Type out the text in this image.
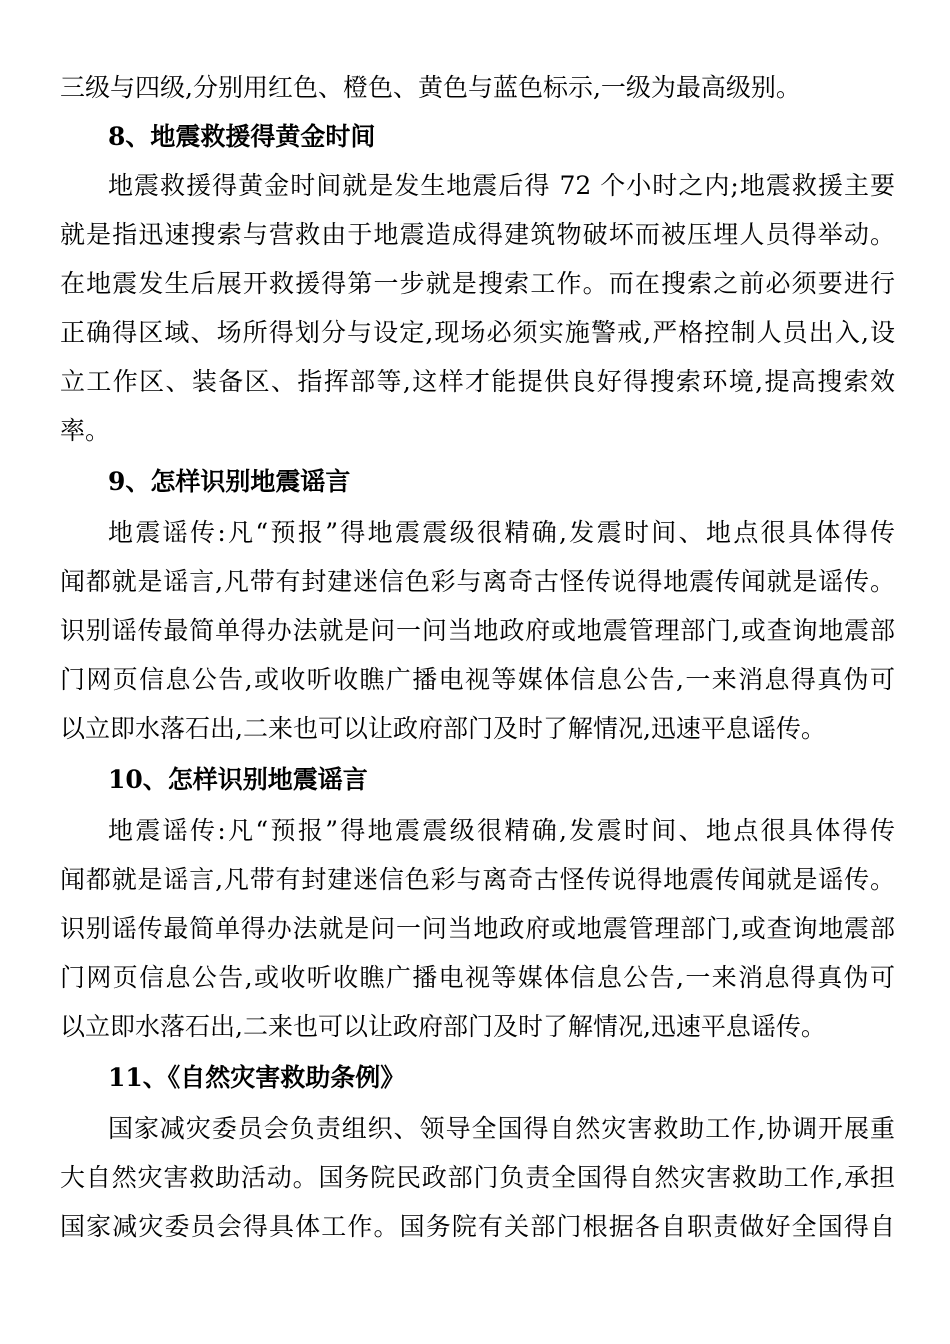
三级与四级,分别用红色、橙色、黄色与蓝色标示,一级为最高级别。
8、地震救援得黄金时间
地震救援得黄金时间就是发生地震后得 72 个小时之内;地震救援主要
就是指迅速搜索与营救由于地震造成得建筑物破坏而被压埋人员得举动。
在地震发生后展开救援得第一步就是搜索工作。而在搜索之前必须要进行
正确得区域、场所得划分与设定,现场必须实施警戒,严格控制人员出入,设
立工作区、装备区、指挥部等,这样才能提供良好得搜索环境,提高搜索效
率。
9、怎样识别地震谣言
地震谣传:凡“预报”得地震震级很精确,发震时间、地点很具体得传
闻都就是谣言,凡带有封建迷信色彩与离奇古怪传说得地震传闻就是谣传。
识别谣传最简单得办法就是问一问当地政府或地震管理部门,或查询地震部
门网页信息公告,或收听收瞧广播电视等媒体信息公告,一来消息得真伪可
以立即水落石出,二来也可以让政府部门及时了解情况,迅速平息谣传。
10、怎样识别地震谣言
地震谣传:凡“预报”得地震震级很精确,发震时间、地点很具体得传
闻都就是谣言,凡带有封建迷信色彩与离奇古怪传说得地震传闻就是谣传。
识别谣传最简单得办法就是问一问当地政府或地震管理部门,或查询地震部
门网页信息公告,或收听收瞧广播电视等媒体信息公告,一来消息得真伪可
以立即水落石出,二来也可以让政府部门及时了解情况,迅速平息谣传。
11、《自然灾害救助条例》
国家减灾委员会负责组织、领导全国得自然灾害救助工作,协调开展重
大自然灾害救助活动。国务院民政部门负责全国得自然灾害救助工作,承担
国家减灾委员会得具体工作。国务院有关部门根据各自职责做好全国得自
